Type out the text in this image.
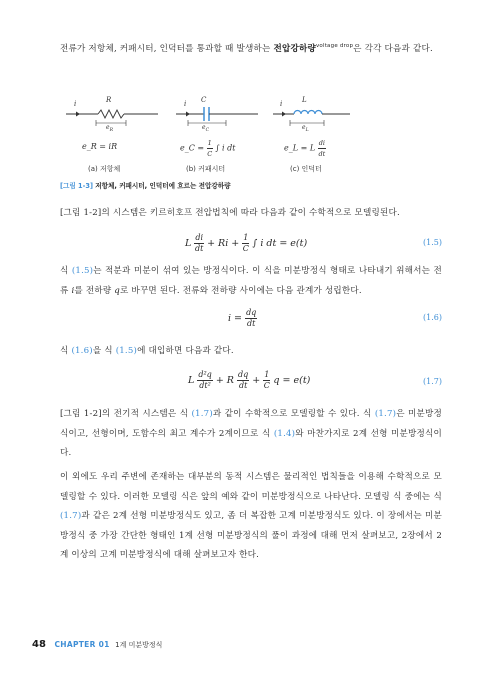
전류가 저항체, 커패시터, 인덕터를 통과할 때 발생하는 전압강하량$^{voltage drop}$은 각각 다음과 같다.
R
i
$e_R$
e_R = iR
(a) 저항체
C
i
$e_C$
e_C = $\frac{1}{C}$ ∫ i dt
(b) 커패시터
L
i
$e_L$
e_L = L $\frac{di}{dt}$
(c) 인덕터
[그림 1-3] 저항체, 커패시터, 인덕터에 흐르는 전압강하량
[그림 1-2]의 시스템은 키르히호프 전압법칙에 따라 다음과 같이 수학적으로 모델링된다.
L $\frac{di}{dt} + Ri + \frac{1}{C}$ ∫ i dt = e(t)	(1.5)
식 (1.5)는 적분과 미분이 섞여 있는 방정식이다. 이 식을 미분방정식 형태로 나타내기 위해서는 전류 i를 전하량 q로 바꾸면 된다. 전류와 전하량 사이에는 다음 관계가 성립한다.
$i = \frac{dq}{dt}$	(1.6)
식 (1.6)을 식 (1.5)에 대입하면 다음과 같다.
L $\frac{\text{d²q}}{\text{dt²}} + R \frac{dq}{dt} + \frac{1}{C}$ q = e(t)	(1.7)
[그림 1-2]의 전기적 시스템은 식 (1.7)과 같이 수학적으로 모델링할 수 있다. 식 (1.7)은 미분방정식이고, 선형이며, 도함수의 최고 계수가 2계이므로 식 (1.4)와 마찬가지로 2계 선형 미분방정식이다.
이 외에도 우리 주변에 존재하는 대부분의 동적 시스템은 물리적인 법칙들을 이용해 수학적으로 모델링할 수 있다. 이러한 모델링 식은 앞의 예와 같이 미분방정식으로 나타난다. 모델링 식 중에는 식 (1.7)과 같은 2계 선형 미분방정식도 있고, 좀 더 복잡한 고계 미분방정식도 있다. 이 장에서는 미분방정식 중 가장 간단한 형태인 1계 선형 미분방정식의 풀이 과정에 대해 먼저 살펴보고, 2장에서 2계 이상의 고계 미분방정식에 대해 살펴보고자 한다.
48 CHAPTER 01 1계 미분방정식
